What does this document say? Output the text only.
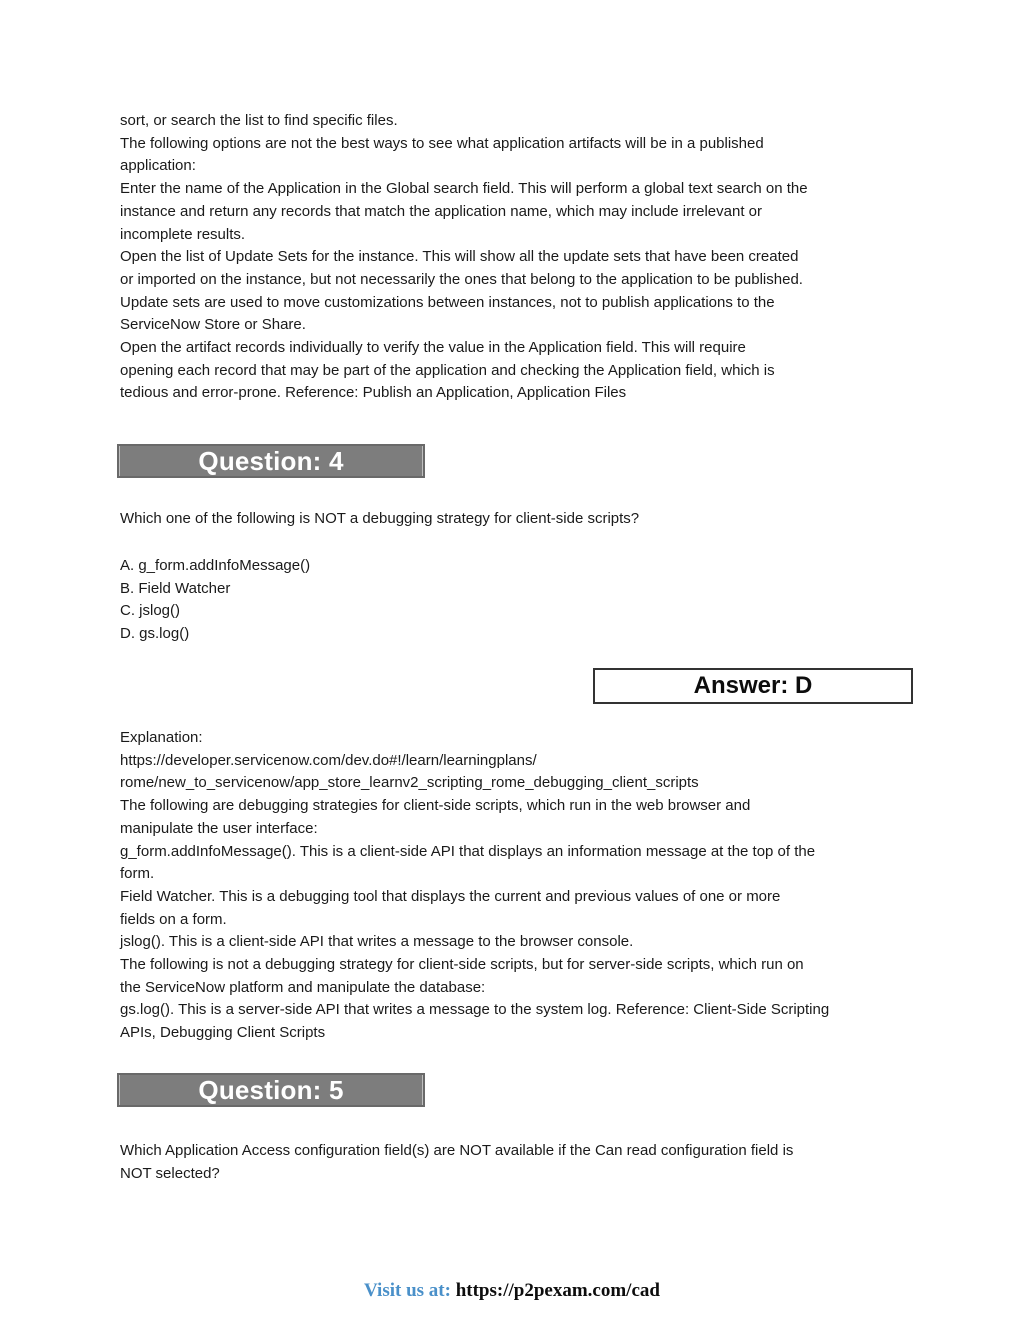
sort, or search the list to find specific files.
The following options are not the best ways to see what application artifacts will be in a published
application:
Enter the name of the Application in the Global search field. This will perform a global text search on the
instance and return any records that match the application name, which may include irrelevant or
incomplete results.
Open the list of Update Sets for the instance. This will show all the update sets that have been created
or imported on the instance, but not necessarily the ones that belong to the application to be published.
Update sets are used to move customizations between instances, not to publish applications to the
ServiceNow Store or Share.
Open the artifact records individually to verify the value in the Application field. This will require
opening each record that may be part of the application and checking the Application field, which is
tedious and error-prone. Reference: Publish an Application, Application Files
Question: 4
Which one of the following is NOT a debugging strategy for client-side scripts?
A. g_form.addInfoMessage()
B. Field Watcher
C. jslog()
D. gs.log()
Answer: D
Explanation:
https://developer.servicenow.com/dev.do#!/learn/learningplans/
rome/new_to_servicenow/app_store_learnv2_scripting_rome_debugging_client_scripts
The following are debugging strategies for client-side scripts, which run in the web browser and
manipulate the user interface:
g_form.addInfoMessage(). This is a client-side API that displays an information message at the top of the
form.
Field Watcher. This is a debugging tool that displays the current and previous values of one or more
fields on a form.
jslog(). This is a client-side API that writes a message to the browser console.
The following is not a debugging strategy for client-side scripts, but for server-side scripts, which run on
the ServiceNow platform and manipulate the database:
gs.log(). This is a server-side API that writes a message to the system log. Reference: Client-Side Scripting
APIs, Debugging Client Scripts
Question: 5
Which Application Access configuration field(s) are NOT available if the Can read configuration field is
NOT selected?
Visit us at: https://p2pexam.com/cad
